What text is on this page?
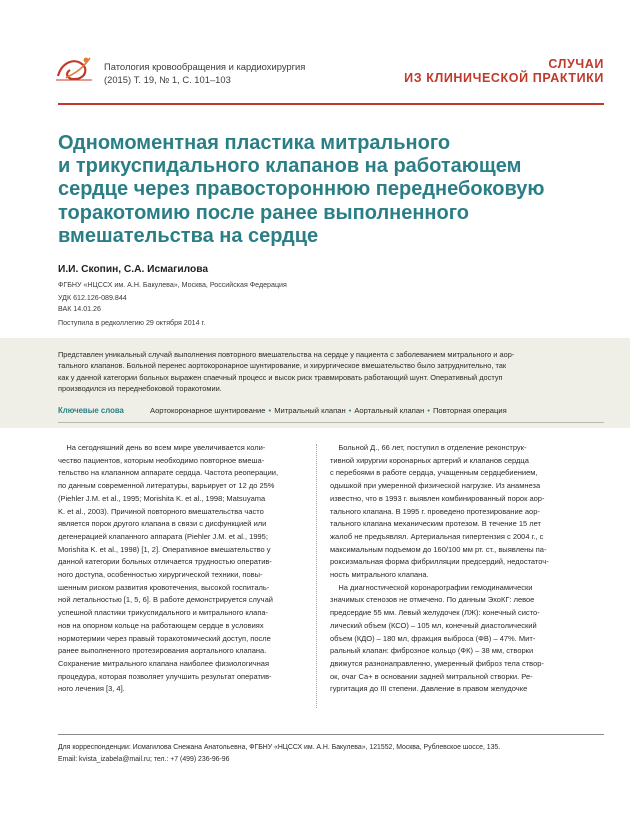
Патология кровообращения и кардиохирургия
(2015) Т. 19, № 1, С. 101–103
СЛУЧАИ
ИЗ КЛИНИЧЕСКОЙ ПРАКТИКИ
Одномоментная пластика митрального
и трикуспидального клапанов на работающем
сердце через правостороннюю переднебоковую
торакотомию после ранее выполненного
вмешательства на сердце
И.И. Скопин, С.А. Исмагилова
ФГБНУ «НЦССХ им. А.Н. Бакулева», Москва, Российская Федерация
УДК 612.126-089.844
ВАК 14.01.26
Поступила в редколлегию 29 октября 2014 г.
Представлен уникальный случай выполнения повторного вмешательства на сердце у пациента с заболеванием митрального и аор-
тального клапанов. Больной перенес аортокоронарное шунтирование, и хирургическое вмешательство было затруднительно, так
как у данной категории больных выражен спаечный процесс и высок риск травмировать работающий шунт. Оперативный доступ
производился из переднебоковой торакотомии.
Ключевые слова	Аортокоронарное шунтирование • Митральный клапан • Аортальный клапан • Повторная операция
На сегодняшний день во всем мире увеличивается коли-
чество пациентов, которым необходимо повторное вмеша-
тельство на клапанном аппарате сердца. Частота реоперации,
по данным современной литературы, варьирует от 12 до 25%
(Piehler J.M. et al., 1995; Morishita K. et al., 1998; Matsuyama
K. et al., 2003). Причиной повторного вмешательства часто
является порок другого клапана в связи с дисфункцией или
дегенерацией клапанного аппарата (Piehler J.M. et al., 1995;
Morishita K. et al., 1998) [1, 2]. Оперативное вмешательство у
данной категории больных отличается трудностью оператив-
ного доступа, особенностью хирургической техники, повы-
шенным риском развития кровотечения, высокой госпиталь-
ной летальностью [1, 5, 6]. В работе демонстрируется случай
успешной пластики трикуспидального и митрального клапа-
нов на опорном кольце на работающем сердце в условиях
нормотермии через правый торакотомический доступ, после
ранее выполненного протезирования аортального клапана.
Сохранение митрального клапана наиболее физиологичная
процедура, которая позволяет улучшить результат оператив-
ного лечения [3, 4].
Больной Д., 66 лет, поступил в отделение реконструк-
тивной хирургии коронарных артерий и клапанов сердца
с перебоями в работе сердца, учащенным сердцебиением,
одышкой при умеренной физической нагрузке. Из анамнеза
известно, что в 1993 г. выявлен комбинированный порок аор-
тального клапана. В 1995 г. проведено протезирование аор-
тального клапана механическим протезом. В течение 15 лет
жалоб не предъявлял. Артериальная гипертензия с 2004 г., с
максимальным подъемом до 160/100 мм рт. ст., выявлены па-
роксизмальная форма фибрилляции предсердий, недостаточ-
ность митрального клапана.
На диагностической коронарографии гемодинамически
значимых стенозов не отмечено. По данным ЭхоКГ: левое
предсердие 55 мм. Левый желудочек (ЛЖ): конечный систо-
лический объем (КСО) – 105 мл, конечный диастолический
объем (КДО) – 180 мл, фракция выброса (ФВ) – 47%. Мит-
ральный клапан: фиброзное кольцо (ФК) – 38 мм, створки
движутся разнонаправленно, умеренный фиброз тела створ-
ок, очаг Са+ в основании задней митральной створки. Ре-
гургитация до III степени. Давление в правом желудочке
Для корреспонденции: Исмагилова Снежана Анатольевна, ФГБНУ «НЦССХ им. А.Н. Бакулева», 121552, Москва, Рублевское шоссе, 135.
Email: kvista_izabela@mail.ru; тел.: +7 (499) 236-96-96
